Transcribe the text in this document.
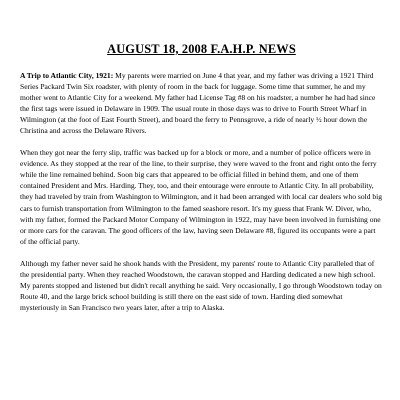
AUGUST 18, 2008 F.A.H.P. NEWS

A Trip to Atlantic City, 1921: My parents were married on June 4 that year, and my father was driving a 1921 Third Series Packard Twin Six roadster, with plenty of room in the back for luggage. Some time that summer, he and my mother went to Atlantic City for a weekend. My father had License Tag #8 on his roadster, a number he had had since the first tags were issued in Delaware in 1909. The usual route in those days was to drive to Fourth Street Wharf in Wilmington (at the foot of East Fourth Street), and board the ferry to Pennsgrove, a ride of nearly ½ hour down the Christina and across the Delaware Rivers.

When they got near the ferry slip, traffic was backed up for a block or more, and a number of police officers were in evidence. As they stopped at the rear of the line, to their surprise, they were waved to the front and right onto the ferry while the line remained behind. Soon big cars that appeared to be official filled in behind them, and one of them contained President and Mrs. Harding. They, too, and their entourage were enroute to Atlantic City. In all probability, they had traveled by train from Washington to Wilmington, and it had been arranged with local car dealers who sold big cars to furnish transportation from Wilmington to the famed seashore resort. It's my guess that Frank W. Diver, who, with my father, formed the Packard Motor Company of Wilmington in 1922, may have been involved in furnishing one or more cars for the caravan. The good officers of the law, having seen Delaware #8, figured its occupants were a part of the official party.

Although my father never said he shook hands with the President, my parents' route to Atlantic City paralleled that of the presidential party. When they reached Woodstown, the caravan stopped and Harding dedicated a new high school. My parents stopped and listened but didn't recall anything he said. Very occasionally, I go through Woodstown today on Route 40, and the large brick school building is still there on the east side of town. Harding died somewhat mysteriously in San Francisco two years later, after a trip to Alaska.
